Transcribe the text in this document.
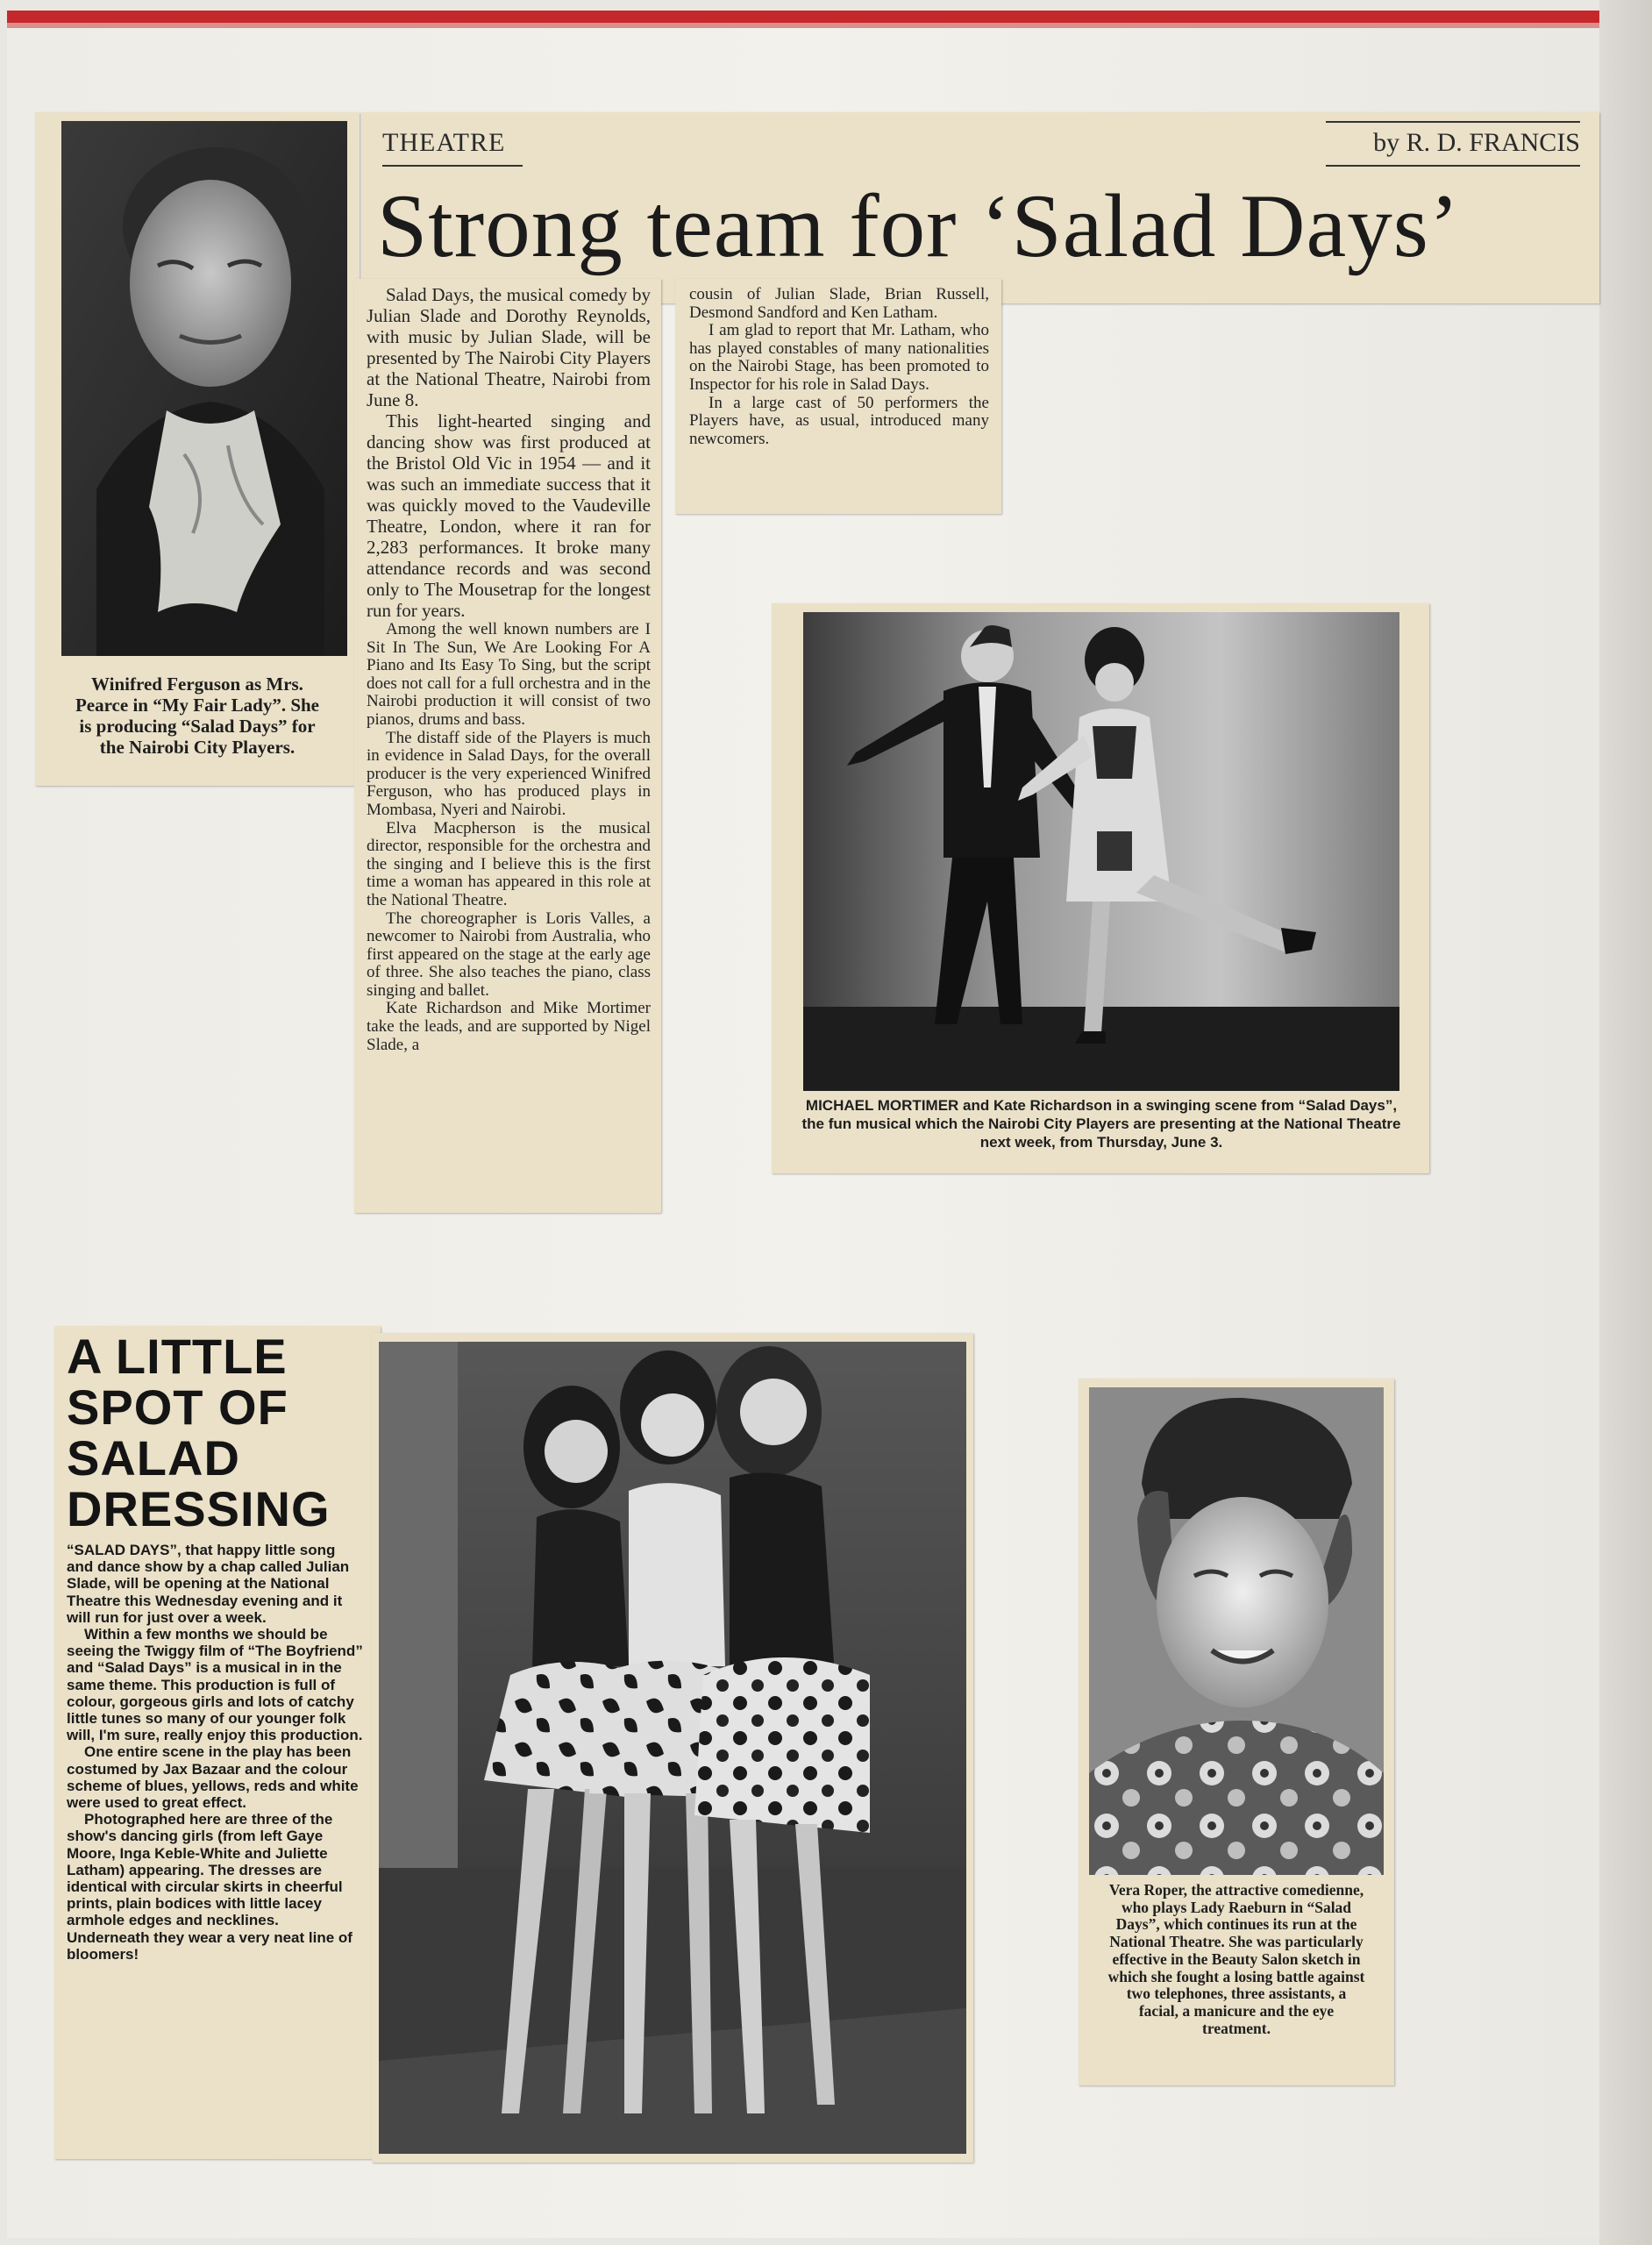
Winifred Ferguson as Mrs. Pearce in “My Fair Lady”. She is producing “Salad Days” for the Nairobi City Players.
THEATRE	by R. D. FRANCIS
Strong team for ‘Salad Days’

Salad Days, the musical comedy by Julian Slade and Dorothy Reynolds, with music by Julian Slade, will be presented by The Nairobi City Players at the National Theatre, Nairobi from June 8.

This light-hearted singing and dancing show was first produced at the Bristol Old Vic in 1954 — and it was such an immediate success that it was quickly moved to the Vaudeville Theatre, London, where it ran for 2,283 performances. It broke many attendance records and was second only to The Mousetrap for the longest run for years.

Among the well known numbers are I Sit In The Sun, We Are Looking For A Piano and Its Easy To Sing, but the script does not call for a full orchestra and in the Nairobi production it will consist of two pianos, drums and bass.

The distaff side of the Players is much in evidence in Salad Days, for the overall producer is the very experienced Winifred Ferguson, who has produced plays in Mombasa, Nyeri and Nairobi.

Elva Macpherson is the musical director, responsible for the orchestra and the singing and I believe this is the first time a woman has appeared in this role at the National Theatre.

The choreographer is Loris Valles, a newcomer to Nairobi from Australia, who first appeared on the stage at the early age of three. She also teaches the piano, class singing and ballet.

Kate Richardson and Mike Mortimer take the leads, and are supported by Nigel Slade, a

cousin of Julian Slade, Brian Russell, Desmond Sandford and Ken Latham.

I am glad to report that Mr. Latham, who has played constables of many nationalities on the Nairobi Stage, has been promoted to Inspector for his role in Salad Days.

In a large cast of 50 performers the Players have, as usual, introduced many newcomers.

MICHAEL MORTIMER and Kate Richardson in a swinging scene from “Salad Days”, the fun musical which the Nairobi City Players are presenting at the National Theatre next week, from Thursday, June 3.
A LITTLE
SPOT OF
SALAD
DRESSING

“SALAD DAYS”, that happy little song and dance show by a chap called Julian Slade, will be opening at the National Theatre this Wednesday evening and it will run for just over a week.

Within a few months we should be seeing the Twiggy film of “The Boyfriend” and “Salad Days” is a musical in in the same theme. This production is full of colour, gorgeous girls and lots of catchy little tunes so many of our younger folk will, I'm sure, really enjoy this production.

One entire scene in the play has been costumed by Jax Bazaar and the colour scheme of blues, yellows, reds and white were used to great effect.

Photographed here are three of the show's dancing girls (from left Gaye Moore, Inga Keble-White and Juliette Latham) appearing. The dresses are identical with circular skirts in cheerful prints, plain bodices with little lacey armhole edges and necklines. Underneath they wear a very neat line of bloomers!

Vera Roper, the attractive comedienne, who plays Lady Raeburn in “Salad Days”, which continues its run at the National Theatre. She was particularly effective in the Beauty Salon sketch in which she fought a losing battle against two telephones, three assistants, a facial, a manicure and the eye treatment.
